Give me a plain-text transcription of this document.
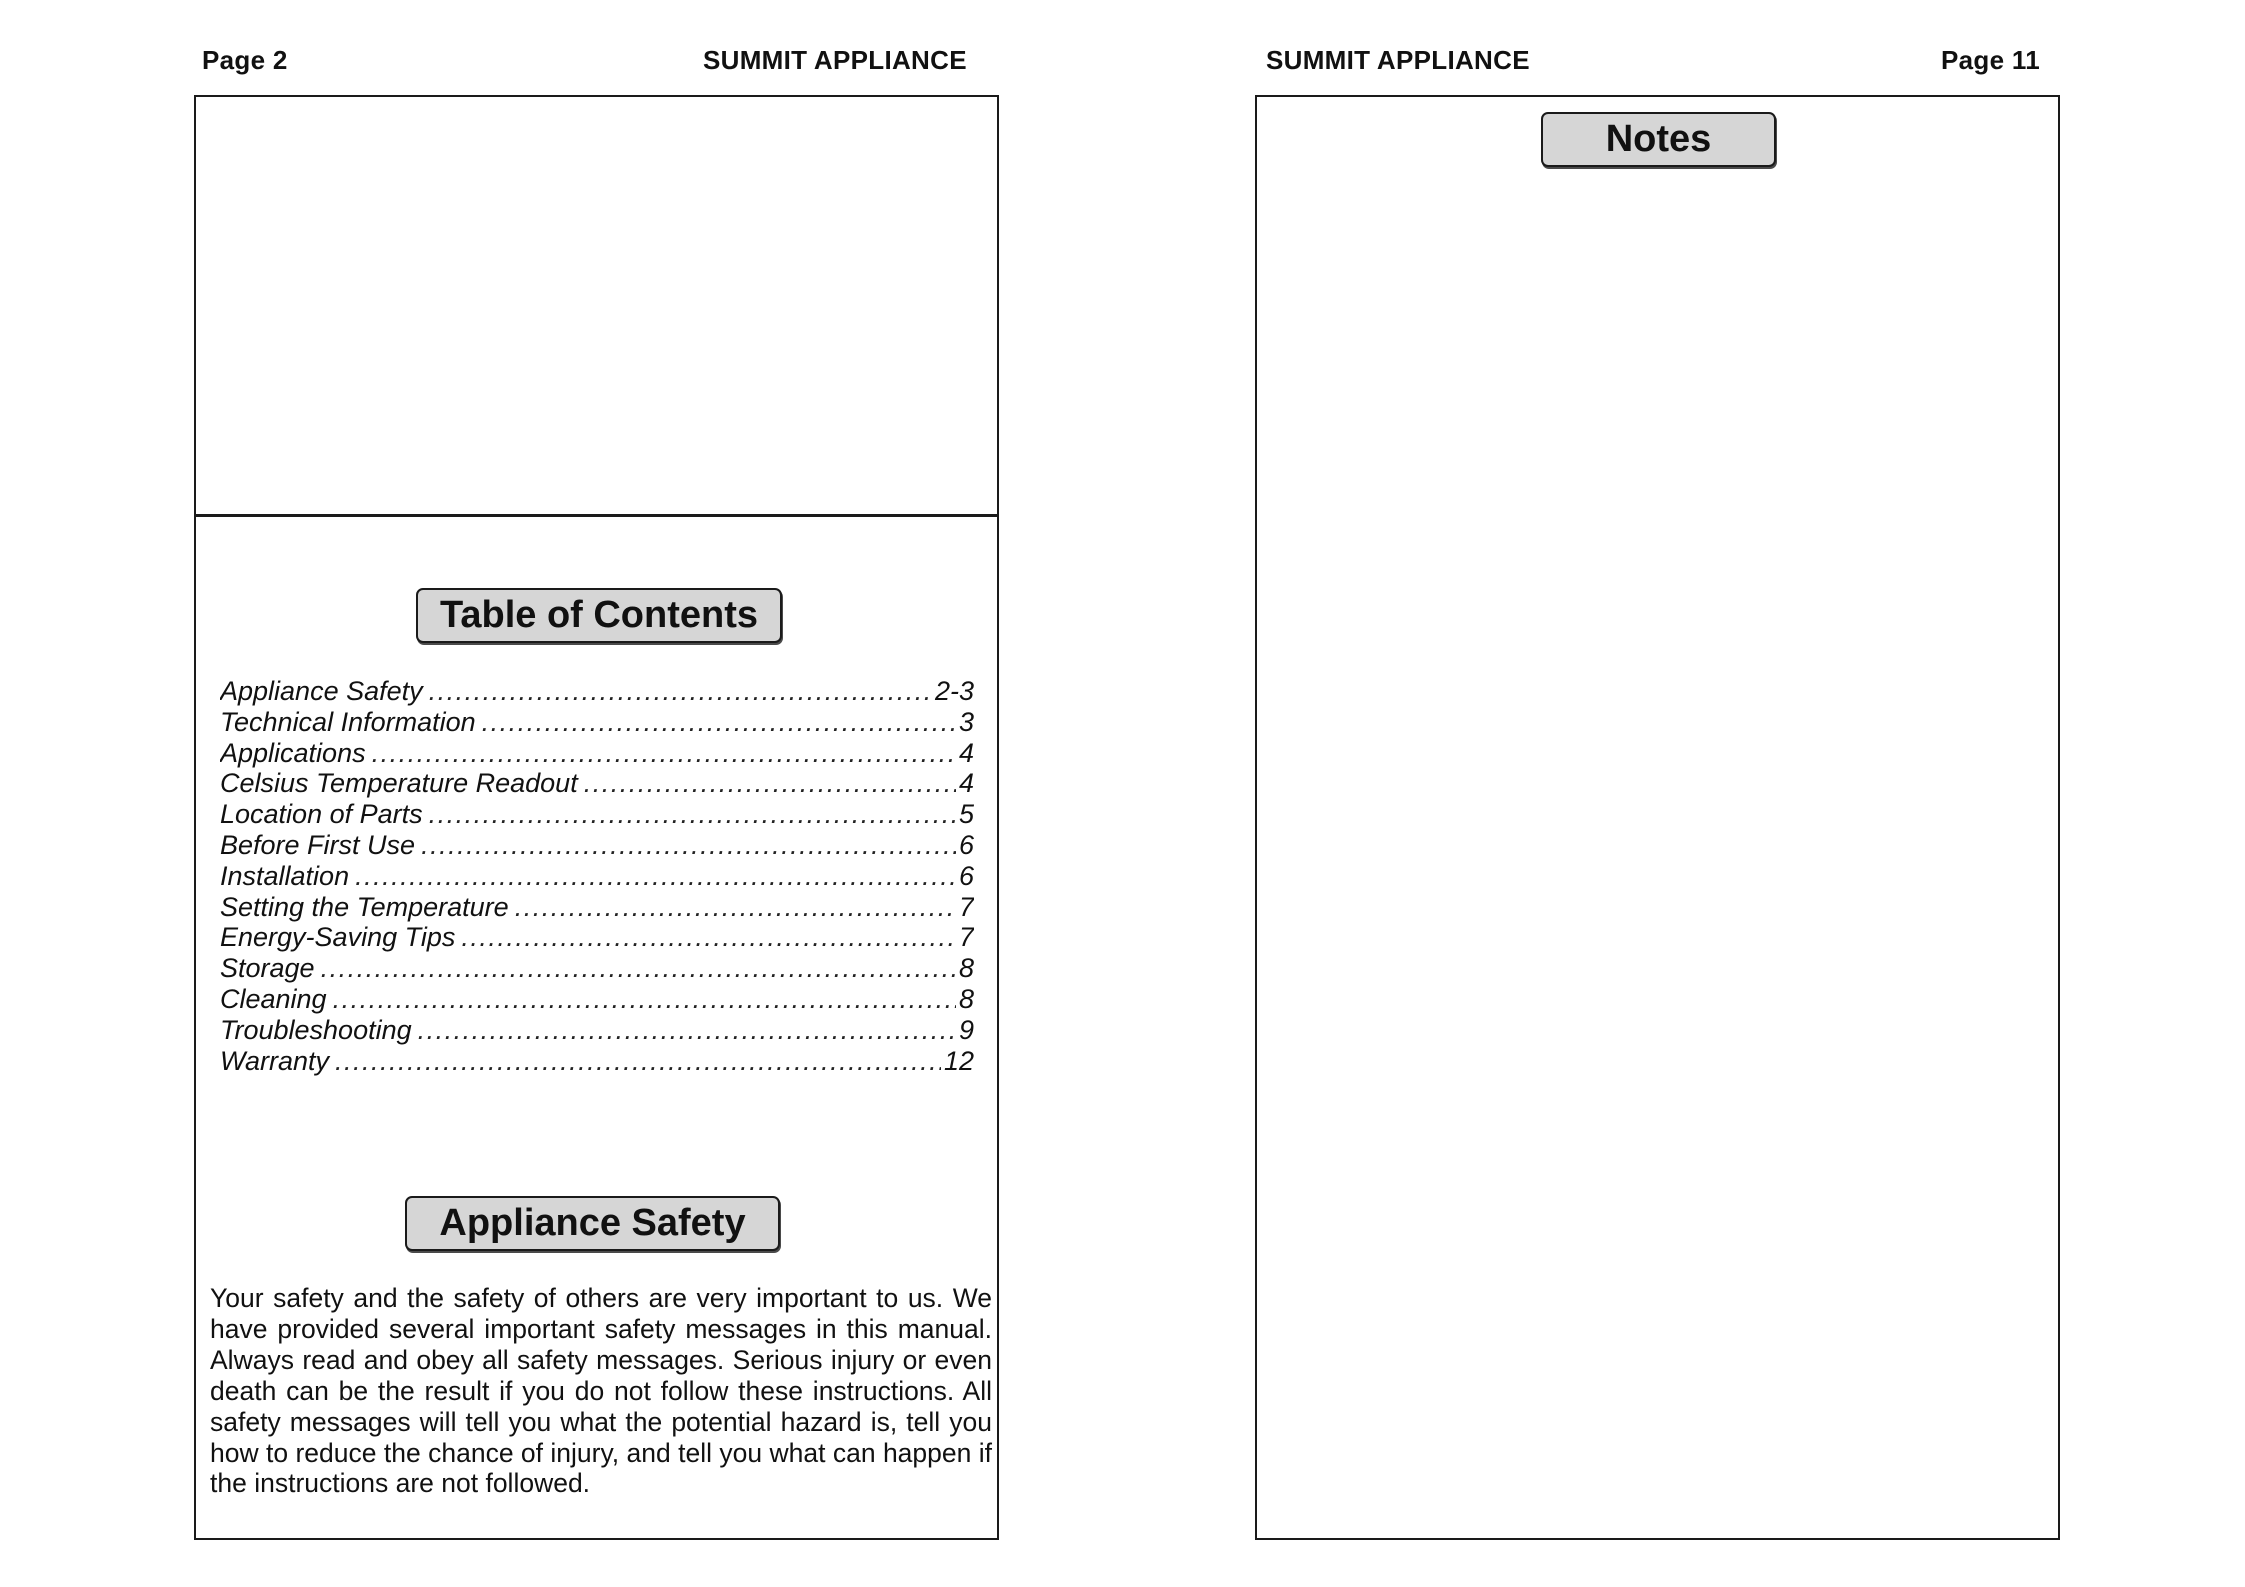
Page 2	SUMMIT APPLIANCE	SUMMIT APPLIANCE	Page 11
Table of Contents
Appliance Safety .....	2-3
Technical Information .....	3
Applications .....	4
Celsius Temperature Readout .....	4
Location of Parts .....	5
Before First Use .....	6
Installation .....	6
Setting the Temperature .....	7
Energy-Saving Tips .....	7
Storage .....	8
Cleaning .....	8
Troubleshooting .....	9
Warranty .....	12
Appliance Safety

Your safety and the safety of others are very important to us. We have provided several important safety messages in this manual. Always read and obey all safety messages. Serious injury or even death can be the result if you do not follow these instructions. All safety messages will tell you what the potential hazard is, tell you how to reduce the chance of injury, and tell you what can happen if the instructions are not followed.

Notes
